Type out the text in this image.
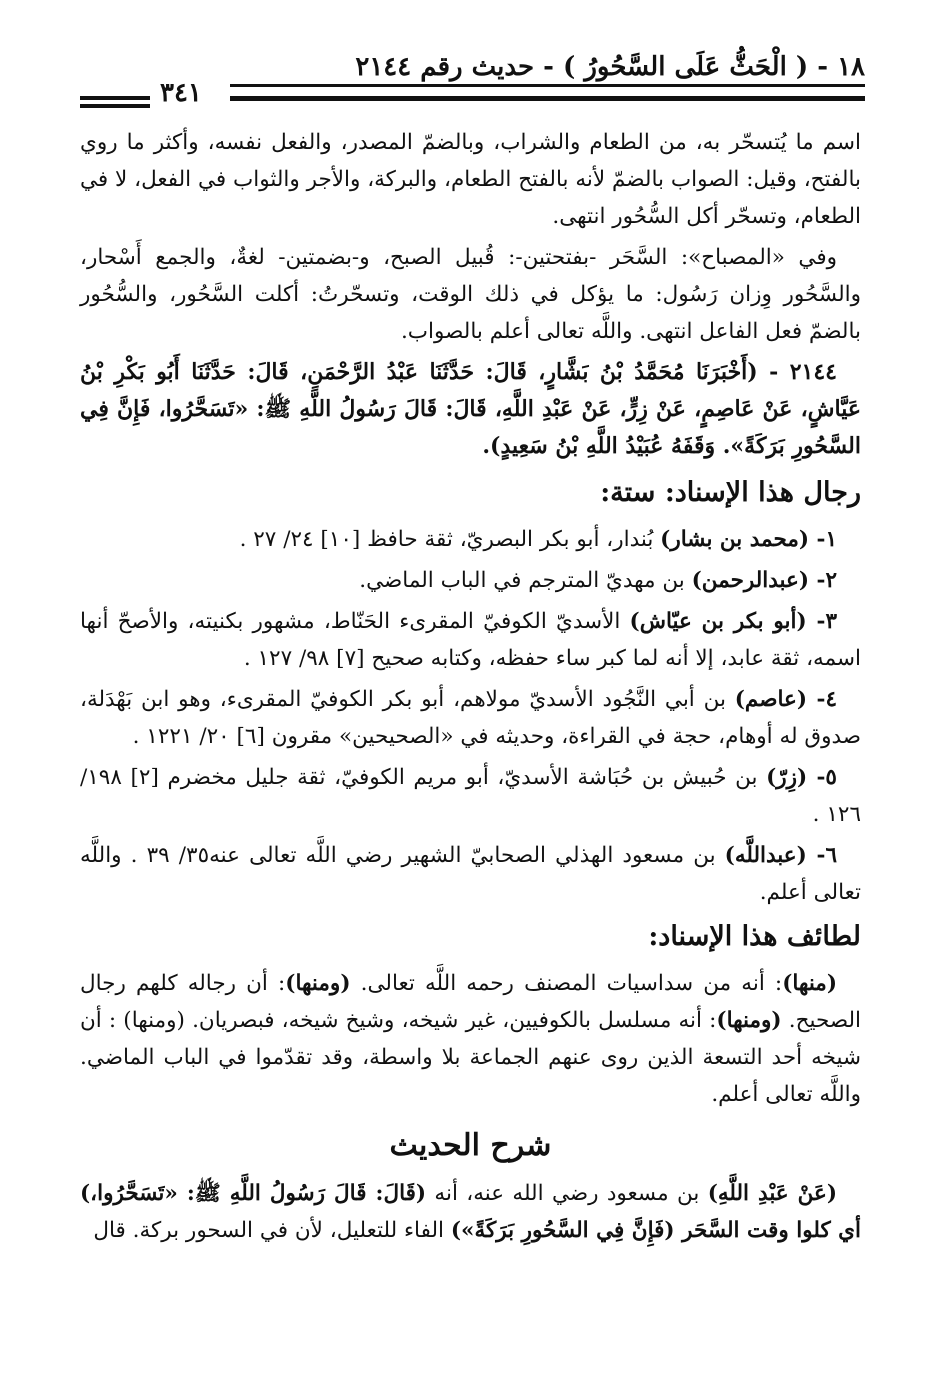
١٨ - ( الْحَثُّ عَلَى السَّحُورُ ) - حديث رقم ٢١٤٤
٣٤١

اسم ما يُتسحّر به، من الطعام والشراب، وبالضمّ المصدر، والفعل نفسه، وأكثر ما روي بالفتح، وقيل: الصواب بالضمّ لأنه بالفتح الطعام، والبركة، والأجر والثواب في الفعل، لا في الطعام، وتسحّر أكل السُّحُور انتهى.

وفي «المصباح»: السَّحَر -بفتحتين-: قُبيل الصبح، و-بضمتين- لغةٌ، والجمع أَسْحار، والسَّحُور وِزان رَسُول: ما يؤكل في ذلك الوقت، وتسحّرتُ: أكلت السَّحُور، والسُّحُور بالضمّ فعل الفاعل انتهى. واللَّه تعالى أعلم بالصواب.

٢١٤٤ - (أَخْبَرَنَا مُحَمَّدُ بْنُ بَشَّارٍ، قَالَ: حَدَّثَنَا عَبْدُ الرَّحْمَنِ، قَالَ: حَدَّثَنَا أَبُو بَكْرِ بْنُ عَيَّاشٍ، عَنْ عَاصِمٍ، عَنْ زِرٍّ، عَنْ عَبْدِ اللَّهِ، قَالَ: قَالَ رَسُولُ اللَّهِ ﷺ: «تَسَحَّرُوا، فَإِنَّ فِي السَّحُورِ بَرَكَةً». وَقَفَهُ عُبَيْدُ اللَّهِ بْنُ سَعِيدٍ).

رجال هذا الإسناد: ستة:

١- (محمد بن بشار) بُندار، أبو بكر البصريّ، ثقة حافظ [١٠] ٢٤/ ٢٧ .

٢- (عبدالرحمن) بن مهديّ المترجم في الباب الماضي.

٣- (أبو بكر بن عيّاش) الأسديّ الكوفيّ المقرىء الحَنّاط، مشهور بكنيته، والأصحّ أنها اسمه، ثقة عابد، إلا أنه لما كبر ساء حفظه، وكتابه صحيح [٧] ٩٨/ ١٢٧ .

٤- (عاصم) بن أبي النَّجُود الأسديّ مولاهم، أبو بكر الكوفيّ المقرىء، وهو ابن بَهْدَلة، صدوق له أوهام، حجة في القراءة، وحديثه في «الصحيحين» مقرون [٦] ٢٠/ ١٢٢١ .

٥- (زِرّ) بن حُبيش بن حُبَاشة الأسديّ، أبو مريم الكوفيّ، ثقة جليل مخضرم [٢] ١٩٨/ ١٢٦ .

٦- (عبداللَّه) بن مسعود الهذلي الصحابيّ الشهير رضي اللَّه تعالى عنه٣٥/ ٣٩ . واللَّه تعالى أعلم.

لطائف هذا الإسناد:

(منها): أنه من سداسيات المصنف رحمه اللَّه تعالى. (ومنها): أن رجاله كلهم رجال الصحيح. (ومنها): أنه مسلسل بالكوفيين، غير شيخه، وشيخ شيخه، فبصريان. (ومنها) : أن شيخه أحد التسعة الذين روى عنهم الجماعة بلا واسطة، وقد تقدّموا في الباب الماضي. واللَّه تعالى أعلم.

شرح الحديث

(عَنْ عَبْدِ اللَّهِ) بن مسعود رضي الله عنه، أنه (قَالَ: قَالَ رَسُولُ اللَّهِ ﷺ: «تَسَحَّرُوا،) أي كلوا وقت السَّحَر (فَإِنَّ فِي السَّحُورِ بَرَكَةً») الفاء للتعليل، لأن في السحور بركة. قال
